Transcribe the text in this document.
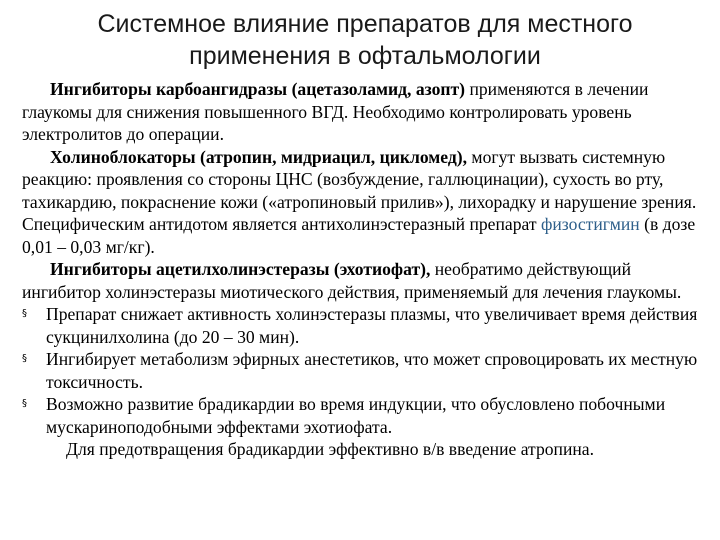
Системное влияние препаратов для местного
применения в офтальмологии

Ингибиторы карбоангидразы (ацетазоламид, азопт) применяются в лечении глаукомы для снижения повышенного ВГД. Необходимо контролировать уровень электролитов до операции.

Холиноблокаторы (атропин, мидриацил, цикломед), могут вызвать системную реакцию: проявления со стороны ЦНС (возбуждение, галлюцинации), сухость во рту, тахикардию, покраснение кожи («атропиновый прилив»), лихорадку и нарушение зрения. Специфическим антидотом является антихолинэстеразный препарат физостигмин (в дозе 0,01 – 0,03 мг/кг).

Ингибиторы ацетилхолинэстеразы (эхотиофат), необратимо действующий ингибитор холинэстеразы миотического действия, применяемый для лечения глаукомы.

§ Препарат снижает активность холинэстеразы плазмы, что увеличивает время действия сукцинилхолина (до 20 – 30 мин).
§ Ингибирует метаболизм эфирных анестетиков, что может спровоцировать их местную токсичность.
§ Возможно развитие брадикардии во время индукции, что обусловлено побочными мускариноподобными эффектами эхотиофата.

Для предотвращения брадикардии эффективно в/в введение атропина.
